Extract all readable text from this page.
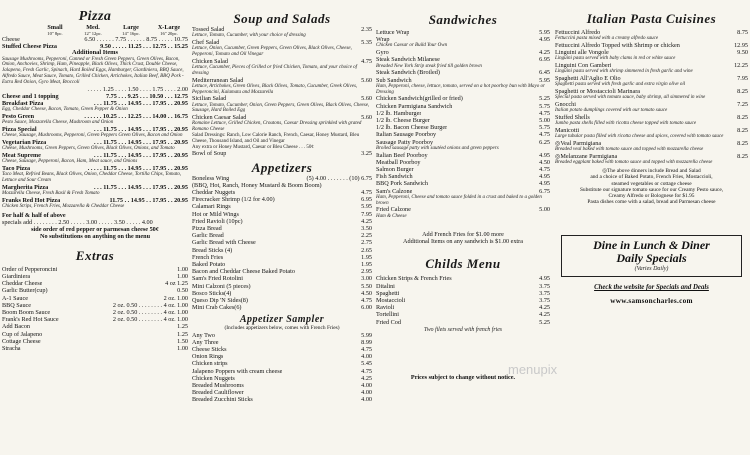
Pizza
Small	Med.	Large	X-Large
10" 8pc.	12" 12pc.	14" 16pc.	16" 20pc.
Cheese	6.50 . . . . . . 7.75 . . . . . . 8.75 . . . . . 10.75
Stuffed Cheese Pizza	9.50 . . . . . 11.25 . . . 12.75 . . 15.25
Additional Items
Sausage Mushrooms, Pepperoni, Canned or Fresh Green Peppers, Green Olives, Bacon, Onion, Anchovies, Shrimp, Ham, Pineapple, Black Olives, Thick Crust, Double Cheese, Jalapeno, Fresh Garlic, Spinach, Hard Boiled Eggs, Hamburger, Giardiniera, BBQ Sauce, Alfredo Sauce, Meat Sauce, Tomato, Grilled Chicken, Artichokes, Italian Beef, BBQ Pork - Extra Red Onion, Gyro Meat, Broccoli
. . . . . 1.25 . . . . 1.50 . . . . 1.75 . . . . 2.00
Cheese and 1 topping	7.75 . . . 9.25 . . . 10.50 . . . 12.75
Breakfast Pizza	. . . 11.75 . . . 14.95 . . . 17.95 . . 20.95
Egg, Cheddar Cheese, Bacon, Tomato, Green Pepper & Onion
Pesto Green	. . . . . . 10.25 . . . 12.25 . . . 14.00 . . 16.75
Pesto Sauce, Mozzarella Cheese, Mushroom and Onion
Pizza Special	. . . 11.75 . . . 14.95 . . . 17.95 . . 20.95
Cheese, Sausage, Mushrooms, Pepperoni, Green Peppers Green Olives, Bacon and Onion
Vegetarian Pizza	. . . 11.75 . . . 14.95 . . . 17.95 . . 20.95
Cheese, Mushrooms, Green Peppers, Green Olives, Black Olives, Onions, and Tomato
Meat Supreme	. . . 11.75 . . . 14.95 . . . 17.95 . . 20.95
Cheese, Sausage, Pepperoni, Bacon, Ham, Meat sauce, and Onions
Taco Pizza	. . . . . 11.75 . . . 14.95 . . . 17.95 . . 20.95
Taco Meat, Refried Beans, Black Olives, Onion, Cheddar Cheese, Tortilla Chips, Tomato, Lettuce and Sour Cream
Margherita Pizza	. . . 11.75 . . . 14.95 . . . 17.95 . . 20.95
Mozzarella Cheese, Fresh Basil & Fresh Tomato
Franks Red Hot Pizza	11.75 . . 14.95 . . 17.95 . . 20.95
Chicken Strips, French Fries, Mozzarella & Cheddar Cheese
For half & half of above
specials add . . . . . . . . 2.50 . . . . . 3.00 . . . . . 3.50 . . . . . 4.00
side order of red pepper or parmesan cheese 50¢
No substitutions on anything on the menu
Extras
Order of Pepperoncini	1.00
Giardiniera	1.00
Cheddar Cheese	4 oz 1.25
Garlic Butter(cup)	0.50
A-1 Sauce	2 oz. 1.00
BBQ Sauce	2 oz. 0.50 . . . . . . . . 4 oz. 1.00
Boom Boom Sauce	2 oz. 0.50 . . . . . . . . 4 oz. 1.00
Frank's Red Hot Sauce	2 oz. 0.50 . . . . . . . . 4 oz. 1.00
Add Bacon	1.25
Cup of Jalapeno	1.25
Cottage Cheese	1.50
Stracha	1.00
Soup and Salads
Tossed Salad	2.35
Lettuce, Tomato, Cucumber, with your choice of dressing
Chef Salad	5.35
Lettuce, Onion, Cucumber, Green Peppers, Green Olives, Black Olives, Cheese, Pepperoni, Tomato and Oil Vinegar
Chicken Salad	4.75
Lettuce, Cucumber, Pieces of Grilled or fried Chicken, Tomato, and your choice of dressing
Mediterranean Salad	5.60
Lettuce, Artichokes, Green Olives, Black Olives, Tomato, Cucumber, Greek Olives, Pepperoncini, Kalamata and Mozzarella
Sicilian Salad	5.60
Lettuce, Tomato, Cucumber, Onion, Green Peppers, Green Olives, Black Olives, Cheese, Sausage, Hard Boiled Egg
Chicken Caesar Salad	5.60
Romaine Lettuce, Grilled Chicken, Croutons, Caesar Dressing sprinkled with grated Romano Cheese
Salad Dressings: Ranch, Low Calorie Ranch, French, Caesar, Honey Mustard, Bleu Cheese, Thousand Island, and Oil and Vinegar
Any extra or Honey Mustard, Caesar or Bleu Cheese . . . 50¢
Bowl of Soup	3.25
Appetizers
Boneless Wing	(5) 4.00 . . . . . . . (10) 6.75
(BBQ, Hot, Ranch, Honey Mustard & Boom Boom)
Cheddar Nuggets	4.75
Firecracker Shrimp (1/2 for 4.00)	6.95
Calamari Rings	5.95
Hot or Mild Wings	7.95
Fried Ravioli (10pc)	4.25
Pizza Bread	3.50
Garlic Bread	2.25
Garlic Bread with Cheese	2.75
Bread Sticks (4)	2.65
French Fries	1.95
Baked Potato	1.95
Bacon and Cheddar Cheese Baked Potato	2.95
Sam's Fried Rotolini	3.00
Mini Calzoni (5 pieces)	5.50
Bosco Sticks(4)	4.50
Queso Dip 'N Sides(8)	4.75
Mini Crab Cakes(6)	6.00
Appetizer Sampler
(Includes appetizers below, comes with French Fries)
Any Two	5.99
Any Three	8.99
Cheese Sticks	4.75
Onion Rings	4.00
Chicken strips	5.45
Jalapeno Poppers with cream cheese	4.75
Chicken Nuggets	4.25
Breaded Mushrooms	4.00
Breaded Cauliflower	4.00
Breaded Zucchini Sticks	4.00
Sandwiches
Lettuce Wrap	5.95
Wrap	4.95
Chicken Caesar or Build Your Own
Gyro	4.25
Steak Sandwich Milanese	6.95
Breaded New York Strip steak fried till golden brown
Steak Sandwich (Broiled)	6.45
Sub Sandwich	5.95
Ham, Pepperoni, cheese, lettuce, tomato, served on a hot poorboy bun with Mayo or Dressing
Chicken Sandwich(grilled or fried)	5.25
Chicken Parmigiana Sandwich	5.75
1/2 lb. Hamburger	4.75
1/2 lb. Cheese Burger	5.00
1/2 lb. Bacon Cheese Burger	5.75
Italian Sausage Poorboy	4.75
Sausage Patty Poorboy	6.25
Broiled sausage patty with sautéed onions and green peppers
Italian Beef Poorboy	4.95
Meatball Poorboy	4.50
Salmon Burger	4.75
Fish Sandwich	4.95
BBQ Pork Sandwich	4.95
Sam's Calzone	6.75
Ham, Pepperoni, Cheese and tomato sauce folded in a crust and baked to a golden brown
Fried Calzone	5.00
Ham & Cheese
Add French Fries for $1.00 more
Additional Items on any sandwich is $1.00 extra
Childs Menu
Chicken Strips & French Fries	4.95
Ditalini	3.75
Spaghetti	3.75
Mostaccioli	3.75
Ravioli	4.25
Tortellini	4.25
Fried Cod	5.25
Two filets served with french fries
Prices subject to change without notice.
Italian Pasta Cuisines
Fettuccini Alfredo	8.75
Fettuccini pasta mixed with a creamy alfredo sauce
Fettuccini Alfredo Topped with Shrimp or chicken	12.95
Linguini alle Vongole	9.50
Linguini pasta served with baby clams in red or white sauce
Linguini Con Gamberi	12.25
Linguini pasta served with shrimp simmered in fresh garlic and wine
Spaghetti All'Aglio E Olio	7.95
Spaghetti pasta served with fresh garlic and extra virgin olive oil
Spaghetti or Mostaccioli Marinara	8.25
Special pasta served with tomato sauce, baby shrimp, all simmered in wine
Gnocchi	7.25
Italian potato dumplings covered with our tomato sauce
Stuffed Shells	8.25
Jumbo pasta shells filled with ricotta cheese topped with tomato sauce
Manicotti	8.25
Large tubular pasta filled with ricotta cheese and spices, covered with tomato sauce
◎Veal Parmigiana	8.25
Breaded veal baked with tomato sauce and topped with mozzarella cheese
◎Melanzane Parmigiana	8.25
Breaded eggplant baked with tomato sauce and topped with mozzarella cheese
◎The above dinners include Bread and Salad
and a choice of Baked Potato, French Fries, Mostaccioli,
steamed vegetables or cottage cheese
Substitute our signature tomato sauce for our Creamy Pesto sauce,
Creamy Alfredo or Bolognese for $1.95
Pasta dishes come with a salad, bread and Parmesan cheese
Dine in Lunch & Diner
Daily Specials
(Varies Daily)
Check the website for Specials and Deals
www.samsoncharles.com
menupix
